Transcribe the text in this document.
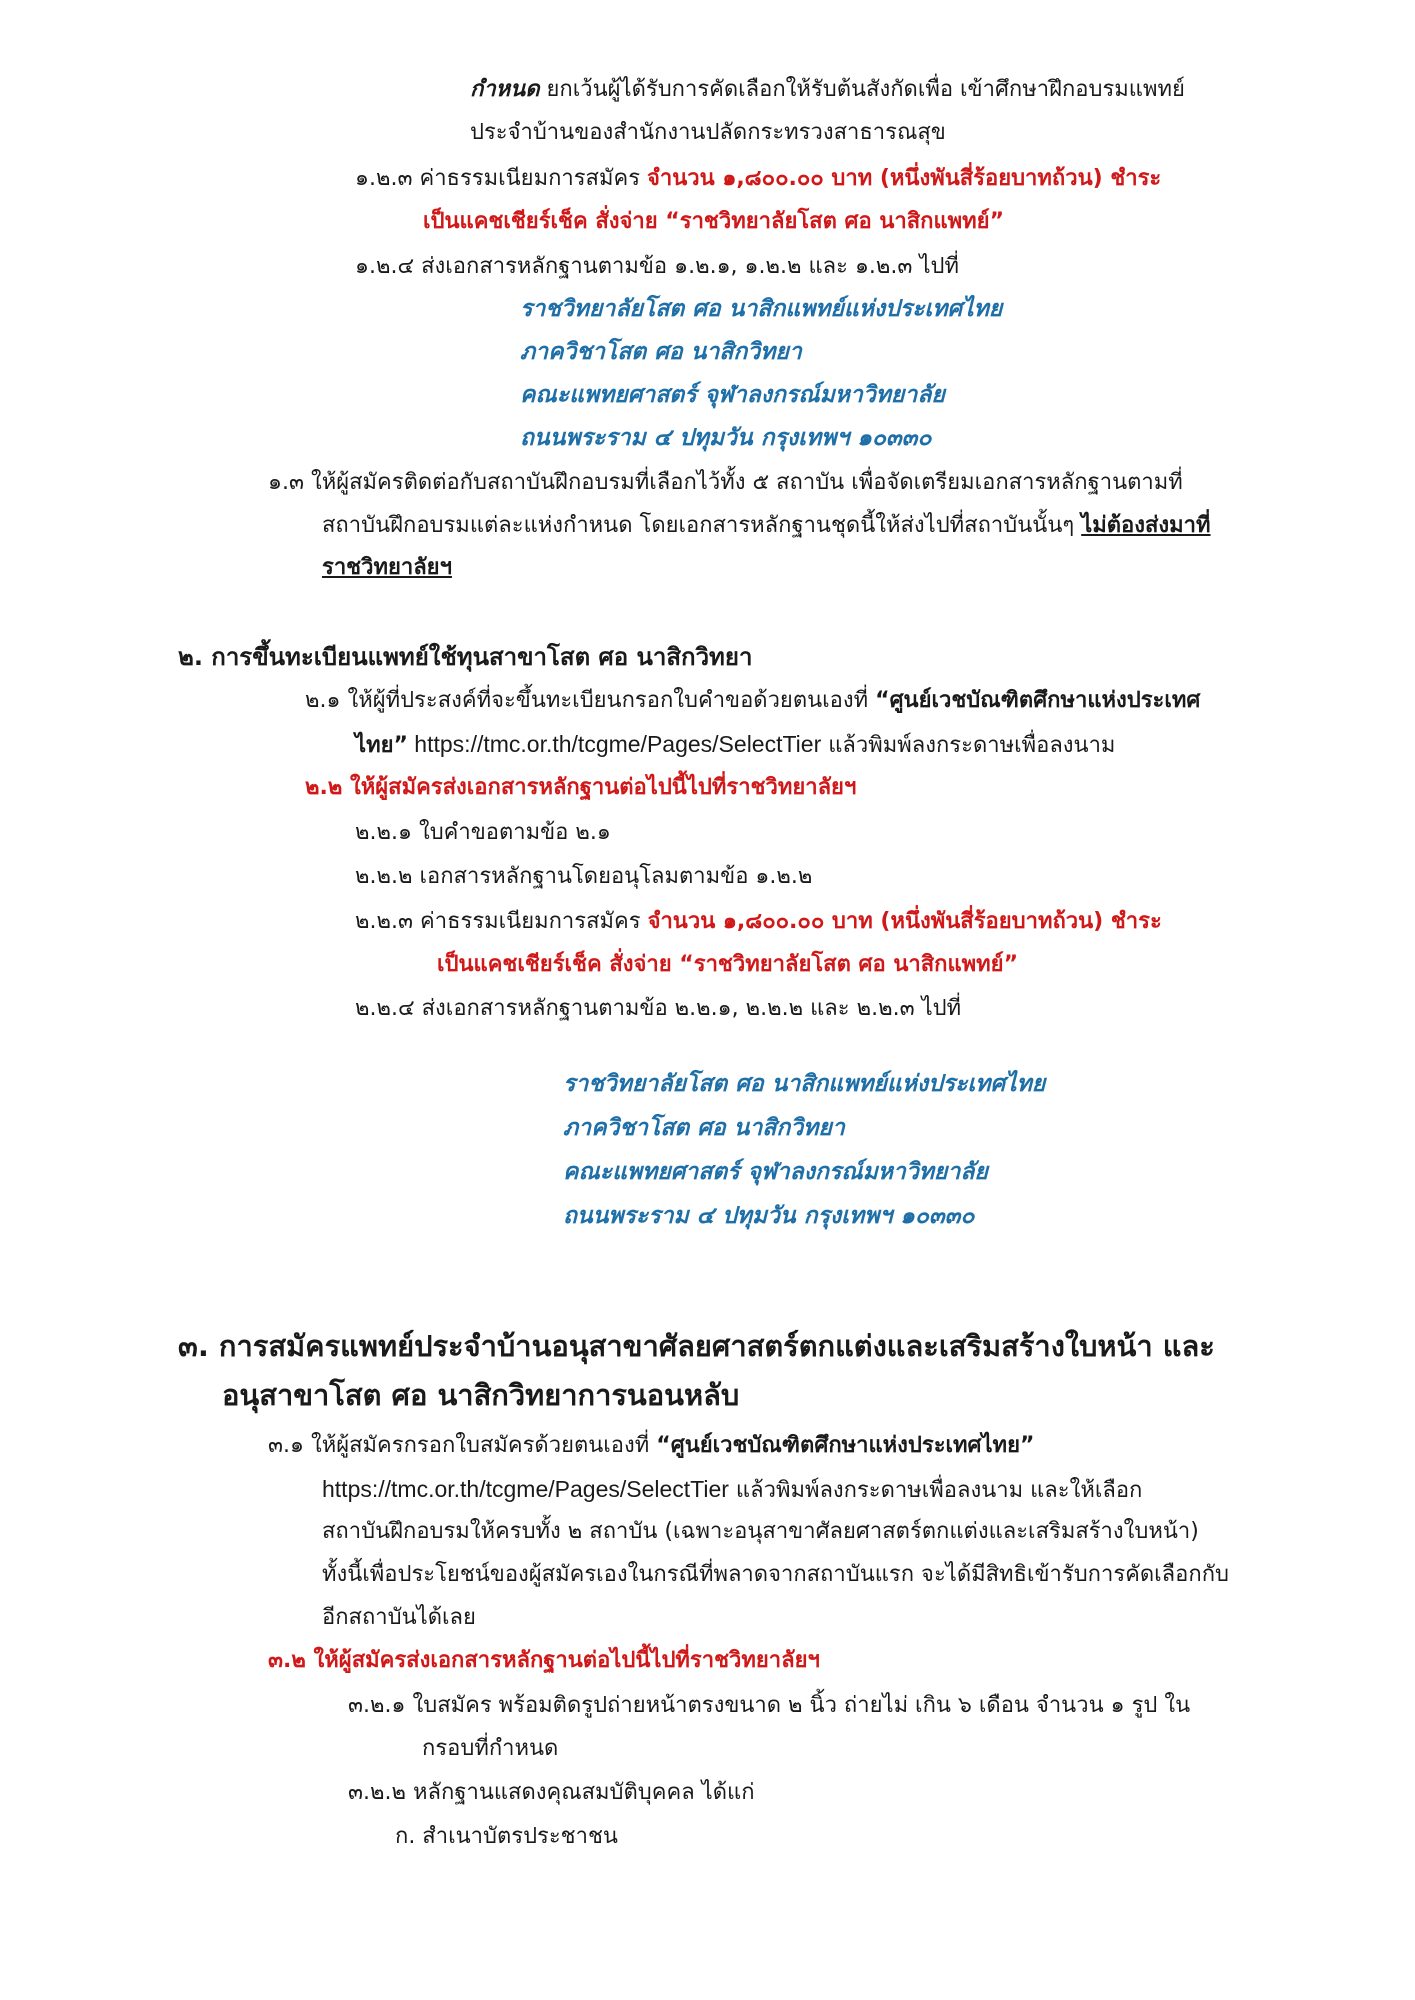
กำหนด ยกเว้นผู้ได้รับการคัดเลือกให้รับต้นสังกัดเพื่อ เข้าศึกษาฝึกอบรมแพทย์
ประจำบ้านของสำนักงานปลัดกระทรวงสาธารณสุข
๑.๒.๓ ค่าธรรมเนียมการสมัคร จำนวน ๑,๘๐๐.๐๐ บาท (หนึ่งพันสี่ร้อยบาทถ้วน) ชำระ
เป็นแคชเชียร์เช็ค สั่งจ่าย “ราชวิทยาลัยโสต ศอ นาสิกแพทย์”
๑.๒.๔ ส่งเอกสารหลักฐานตามข้อ ๑.๒.๑, ๑.๒.๒ และ ๑.๒.๓ ไปที่
ราชวิทยาลัยโสต ศอ นาสิกแพทย์แห่งประเทศไทย
ภาควิชาโสต ศอ นาสิกวิทยา
คณะแพทยศาสตร์ จุฬาลงกรณ์มหาวิทยาลัย
ถนนพระราม ๔ ปทุมวัน กรุงเทพฯ ๑๐๓๓๐
๑.๓ ให้ผู้สมัครติดต่อกับสถาบันฝึกอบรมที่เลือกไว้ทั้ง ๕ สถาบัน เพื่อจัดเตรียมเอกสารหลักฐานตามที่
สถาบันฝึกอบรมแต่ละแห่งกำหนด โดยเอกสารหลักฐานชุดนี้ให้ส่งไปที่สถาบันนั้นๆ ไม่ต้องส่งมาที่
ราชวิทยาลัยฯ
๒. การขึ้นทะเบียนแพทย์ใช้ทุนสาขาโสต ศอ นาสิกวิทยา
๒.๑ ให้ผู้ที่ประสงค์ที่จะขึ้นทะเบียนกรอกใบคำขอด้วยตนเองที่ “ศูนย์เวชบัณฑิตศึกษาแห่งประเทศ
ไทย” https://tmc.or.th/tcgme/Pages/SelectTier แล้วพิมพ์ลงกระดาษเพื่อลงนาม
๒.๒ ให้ผู้สมัครส่งเอกสารหลักฐานต่อไปนี้ไปที่ราชวิทยาลัยฯ
๒.๒.๑ ใบคำขอตามข้อ ๒.๑
๒.๒.๒ เอกสารหลักฐานโดยอนุโลมตามข้อ ๑.๒.๒
๒.๒.๓ ค่าธรรมเนียมการสมัคร จำนวน ๑,๘๐๐.๐๐ บาท (หนึ่งพันสี่ร้อยบาทถ้วน) ชำระ
เป็นแคชเชียร์เช็ค สั่งจ่าย “ราชวิทยาลัยโสต ศอ นาสิกแพทย์”
๒.๒.๔ ส่งเอกสารหลักฐานตามข้อ ๒.๒.๑, ๒.๒.๒ และ ๒.๒.๓ ไปที่
ราชวิทยาลัยโสต ศอ นาสิกแพทย์แห่งประเทศไทย
ภาควิชาโสต ศอ นาสิกวิทยา
คณะแพทยศาสตร์ จุฬาลงกรณ์มหาวิทยาลัย
ถนนพระราม ๔ ปทุมวัน กรุงเทพฯ ๑๐๓๓๐
๓. การสมัครแพทย์ประจำบ้านอนุสาขาศัลยศาสตร์ตกแต่งและเสริมสร้างใบหน้า และ
อนุสาขาโสต ศอ นาสิกวิทยาการนอนหลับ
๓.๑ ให้ผู้สมัครกรอกใบสมัครด้วยตนเองที่ “ศูนย์เวชบัณฑิตศึกษาแห่งประเทศไทย”
https://tmc.or.th/tcgme/Pages/SelectTier แล้วพิมพ์ลงกระดาษเพื่อลงนาม และให้เลือก
สถาบันฝึกอบรมให้ครบทั้ง ๒ สถาบัน (เฉพาะอนุสาขาศัลยศาสตร์ตกแต่งและเสริมสร้างใบหน้า)
ทั้งนี้เพื่อประโยชน์ของผู้สมัครเองในกรณีที่พลาดจากสถาบันแรก จะได้มีสิทธิเข้ารับการคัดเลือกกับ
อีกสถาบันได้เลย
๓.๒ ให้ผู้สมัครส่งเอกสารหลักฐานต่อไปนี้ไปที่ราชวิทยาลัยฯ
๓.๒.๑ ใบสมัคร พร้อมติดรูปถ่ายหน้าตรงขนาด ๒ นิ้ว ถ่ายไม่ เกิน ๖ เดือน จำนวน ๑ รูป ใน
กรอบที่กำหนด
๓.๒.๒ หลักฐานแสดงคุณสมบัติบุคคล ได้แก่
ก. สำเนาบัตรประชาชน
